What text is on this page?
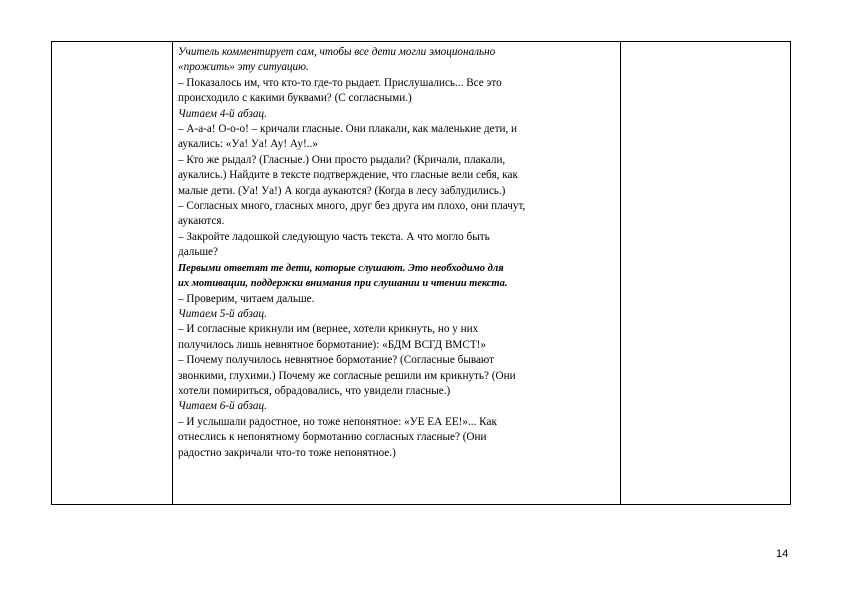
Учитель комментирует сам, чтобы все дети могли эмоционально
«прожить» эту ситуацию.
– Показалось им, что кто-то где-то рыдает. Прислушались... Все это
происходило с какими буквами? (С согласными.)
Читаем 4-й абзац.
– А-а-а! О-о-о! – кричали гласные. Они плакали, как маленькие дети, и
аукались: «Уа! Уа! Ау! Ау!..»
– Кто же рыдал? (Гласные.) Они просто рыдали? (Кричали, плакали,
аукались.) Найдите в тексте подтверждение, что гласные вели себя, как
малые дети. (Уа! Уа!) А когда аукаются? (Когда в лесу заблудились.)
– Согласных много, гласных много, друг без друга им плохо, они плачут,
аукаются.
– Закройте ладошкой следующую часть текста. А что могло быть
дальше?
Первыми ответят те дети, которые слушают. Это необходимо для
их мотивации, поддержки внимания при слушании и чтении текста.
– Проверим, читаем дальше.
Читаем 5-й абзац.
– И согласные крикнули им (вернее, хотели крикнуть, но у них
получилось лишь невнятное бормотание): «БДМ ВСГД ВМСТ!»
– Почему получилось невнятное бормотание? (Согласные бывают
звонкими, глухими.) Почему же согласные решили им крикнуть? (Они
хотели помириться, обрадовались, что увидели гласные.)
Читаем 6-й абзац.
– И услышали радостное, но тоже непонятное: «УЕ ЕА ЕЕ!»... Как
отнеслись к непонятному бормотанию согласных гласные? (Они
радостно закричали что-то тоже непонятное.)
14
